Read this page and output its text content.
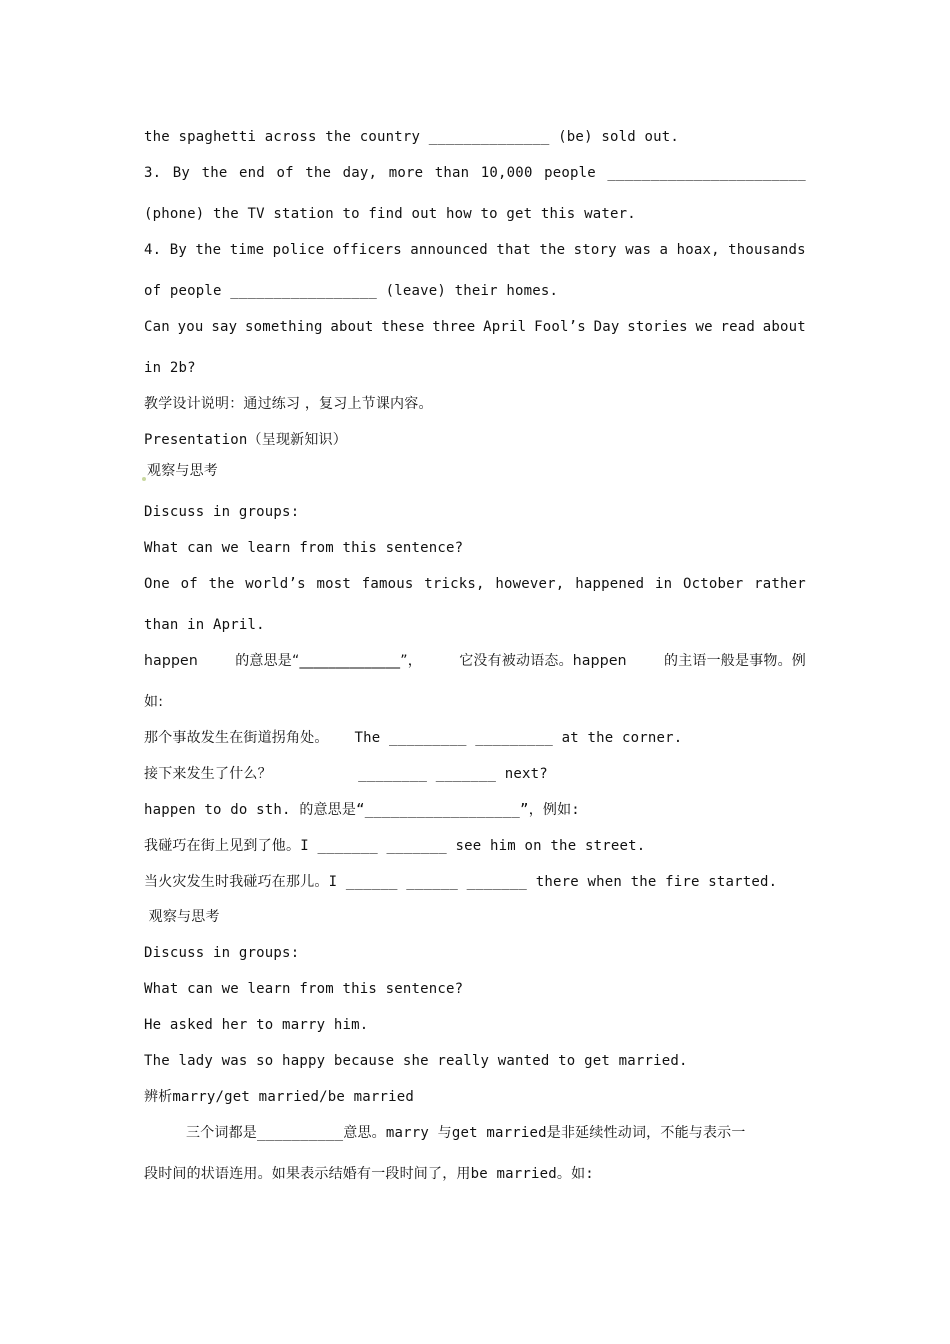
the spaghetti across the country ______________ (be) sold out.
3. By the end of the day, more than 10,000 people _______________________
(phone) the TV station to find out how to get this water.
4. By the time police officers announced that the story was a hoax, thousands
of people _________________ (leave) their homes.
Can you say something about these three April Fool’s Day stories we read about
in 2b?
教学设计说明：通过练习 ，复习上节课内容。
Presentation（呈现新知识）
观察与思考
Discuss in groups:
What can we learn from this sentence?
One of the world’s most famous tricks, however, happened in October rather
than in April.
happen	的意思是“______________”，	它没有被动语态。happen	的主语一般是事物。例
如:
那个事故发生在街道拐角处。   The _________ _________ at the corner.
接下来发生了什么？          ________ _______ next?
happen to do sth. 的意思是“__________________”，例如:
我碰巧在街上见到了他。I _______ _______ see him on the street.
当火灾发生时我碰巧在那儿。I ______ ______ _______ there when the fire started.
观察与思考
Discuss in groups:
What can we learn from this sentence?
He asked her to marry him.
The lady was so happy because she really wanted to get married.
辨析marry/get married/be married
三个词都是__________意思。marry 与get married是非延续性动词，不能与表示一
段时间的状语连用。如果表示结婚有一段时间了，用be married。如:
